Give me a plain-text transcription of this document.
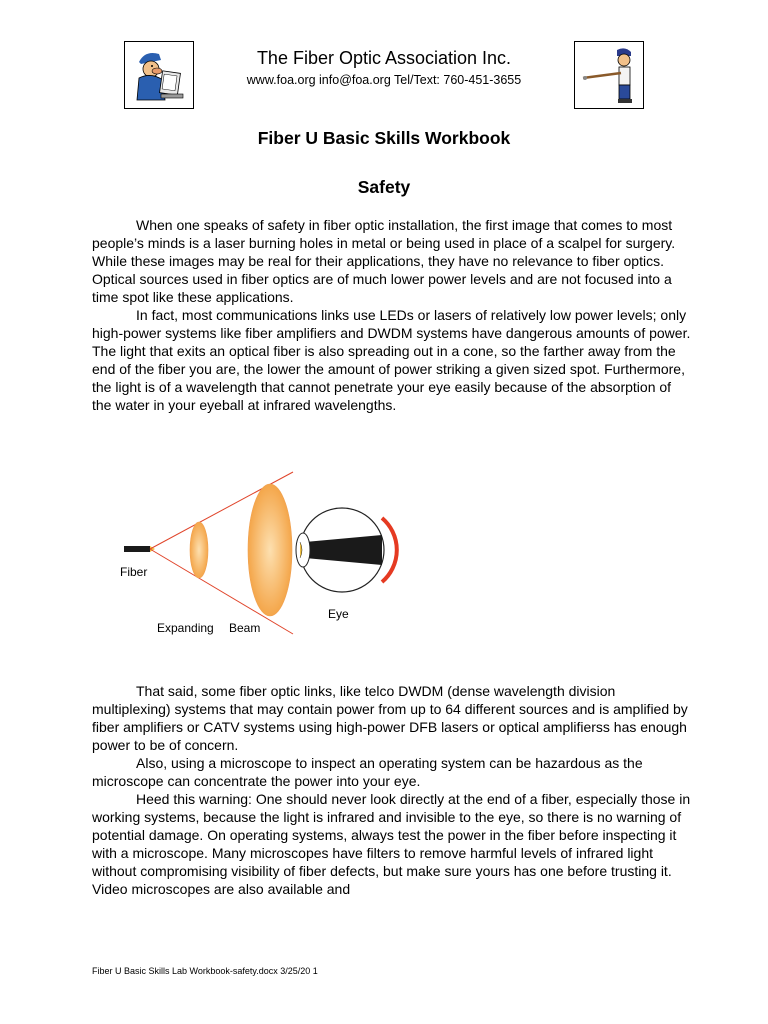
The Fiber Optic Association Inc.
www.foa.org info@foa.org Tel/Text: 760-451-3655
Fiber U Basic Skills Workbook
Safety

When one speaks of safety in fiber optic installation, the first image that comes to most people’s minds is a laser burning holes in metal or being used in place of a scalpel for surgery. While these images may be real for their applications, they have no relevance to fiber optics. Optical sources used in fiber optics are of much lower power levels and are not focused into a time spot like these applications.

In fact, most communications links use LEDs or lasers of relatively low power levels; only high-power systems like fiber amplifiers and DWDM systems have dangerous amounts of power. The light that exits an optical fiber is also spreading out in a cone, so the farther away from the end of the fiber you are, the lower the amount of power striking a given sized spot. Furthermore, the light is of a wavelength that cannot penetrate your eye easily because of the absorption of the water in your eyeball at infrared wavelengths.

Fiber
Expanding Beam
Eye

That said, some fiber optic links, like telco DWDM (dense wavelength division multiplexing) systems that may contain power from up to 64 different sources and is amplified by fiber amplifiers or CATV systems using high-power DFB lasers or optical amplifierss has enough power to be of concern.

Also, using a microscope to inspect an operating system can be hazardous as the microscope can concentrate the power into your eye.

Heed this warning: One should never look directly at the end of a fiber, especially those in working systems, because the light is infrared and invisible to the eye, so there is no warning of potential damage. On operating systems, always test the power in the fiber before inspecting it with a microscope. Many microscopes have filters to remove harmful levels of infrared light without compromising visibility of fiber defects, but make sure yours has one before trusting it. Video microscopes are also available and

Fiber U Basic Skills Lab Workbook-safety.docx 3/25/20 1
